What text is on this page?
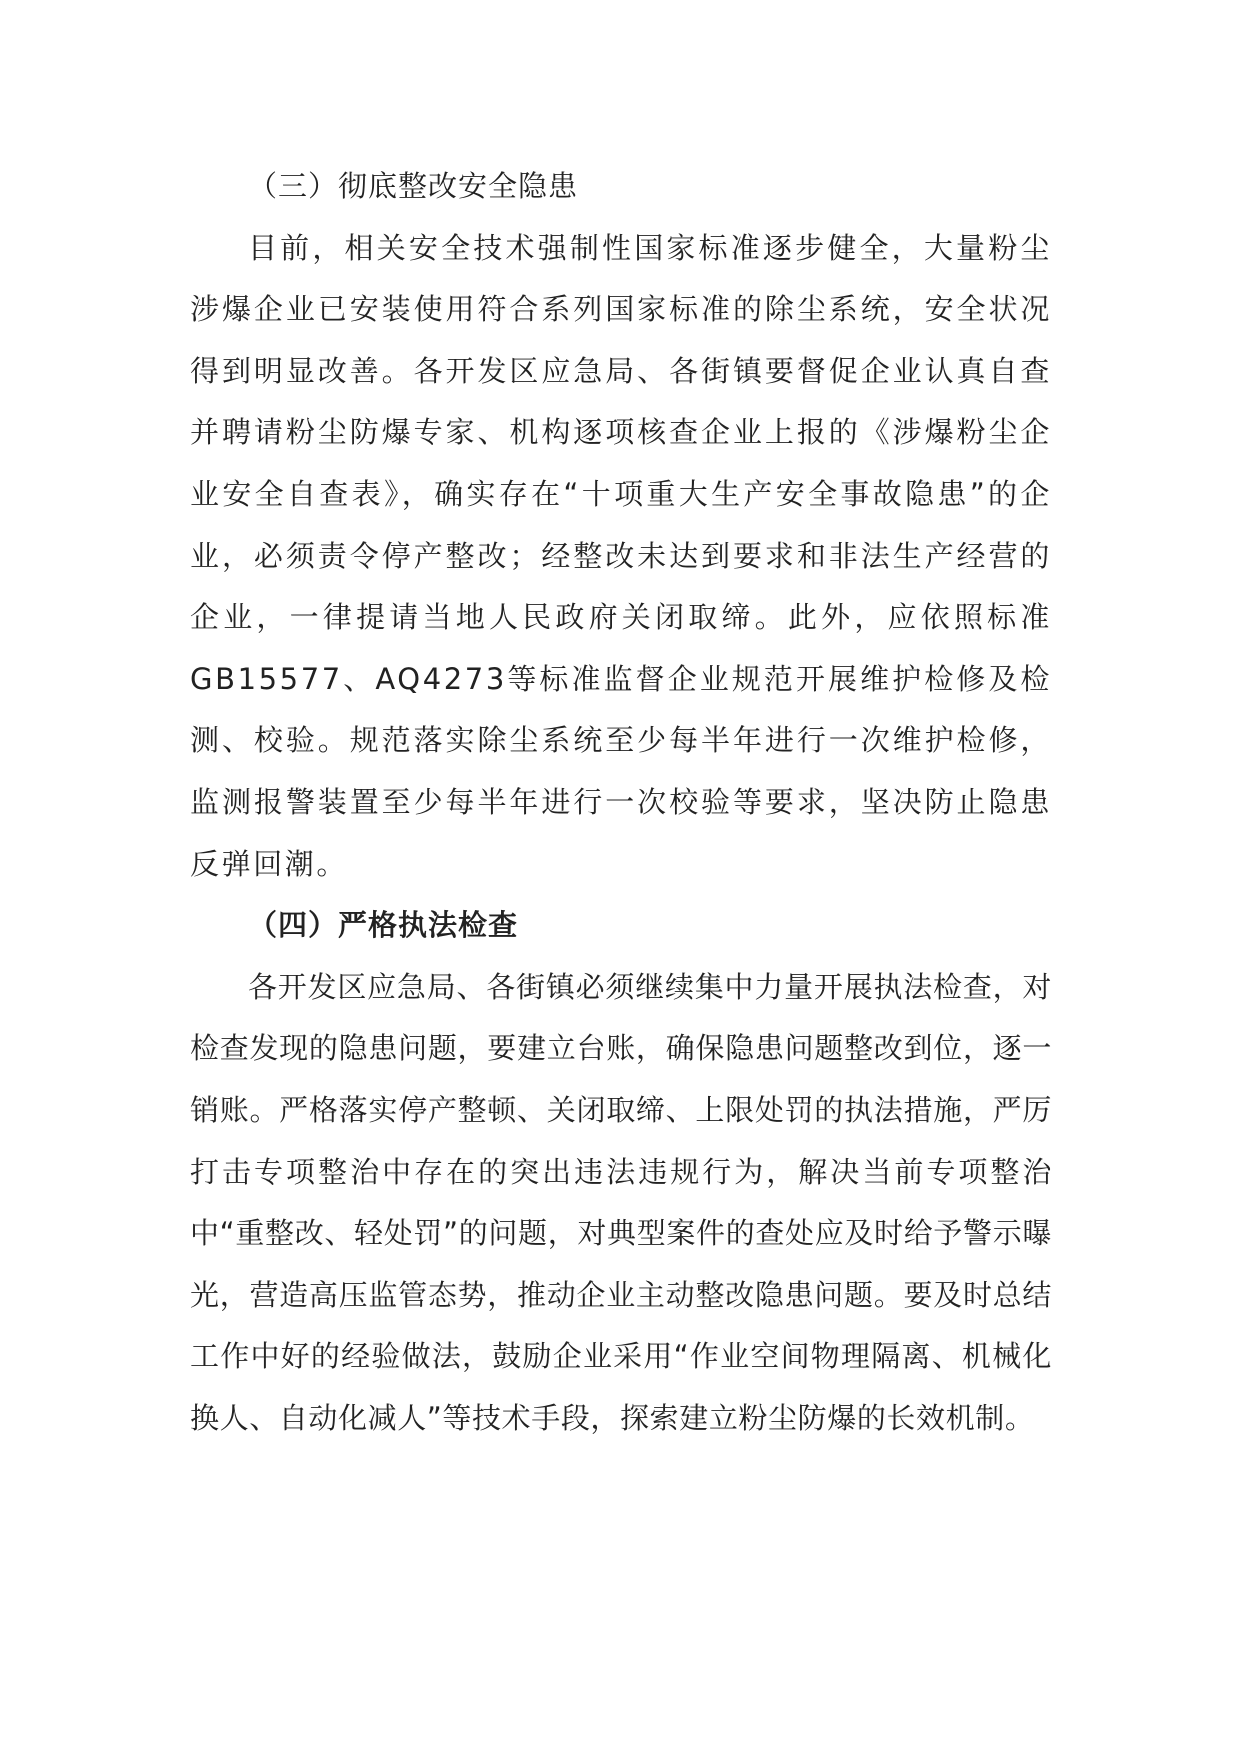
（三）彻底整改安全隐患

目前，相关安全技术强制性国家标准逐步健全，大量粉尘涉爆企业已安装使用符合系列国家标准的除尘系统，安全状况得到明显改善。各开发区应急局、各街镇要督促企业认真自查并聘请粉尘防爆专家、机构逐项核查企业上报的《涉爆粉尘企业安全自查表》，确实存在“十项重大生产安全事故隐患”的企业，必须责令停产整改；经整改未达到要求和非法生产经营的企业，一律提请当地人民政府关闭取缔。此外，应依照标准GB15577、AQ4273等标准监督企业规范开展维护检修及检测、校验。规范落实除尘系统至少每半年进行一次维护检修，监测报警装置至少每半年进行一次校验等要求，坚决防止隐患反弹回潮。

（四）严格执法检查

各开发区应急局、各街镇必须继续集中力量开展执法检查，对检查发现的隐患问题，要建立台账，确保隐患问题整改到位，逐一销账。严格落实停产整顿、关闭取缔、上限处罚的执法措施，严厉打击专项整治中存在的突出违法违规行为，解决当前专项整治中“重整改、轻处罚”的问题，对典型案件的查处应及时给予警示曝光，营造高压监管态势，推动企业主动整改隐患问题。要及时总结工作中好的经验做法，鼓励企业采用“作业空间物理隔离、机械化换人、自动化减人”等技术手段，探索建立粉尘防爆的长效机制。
